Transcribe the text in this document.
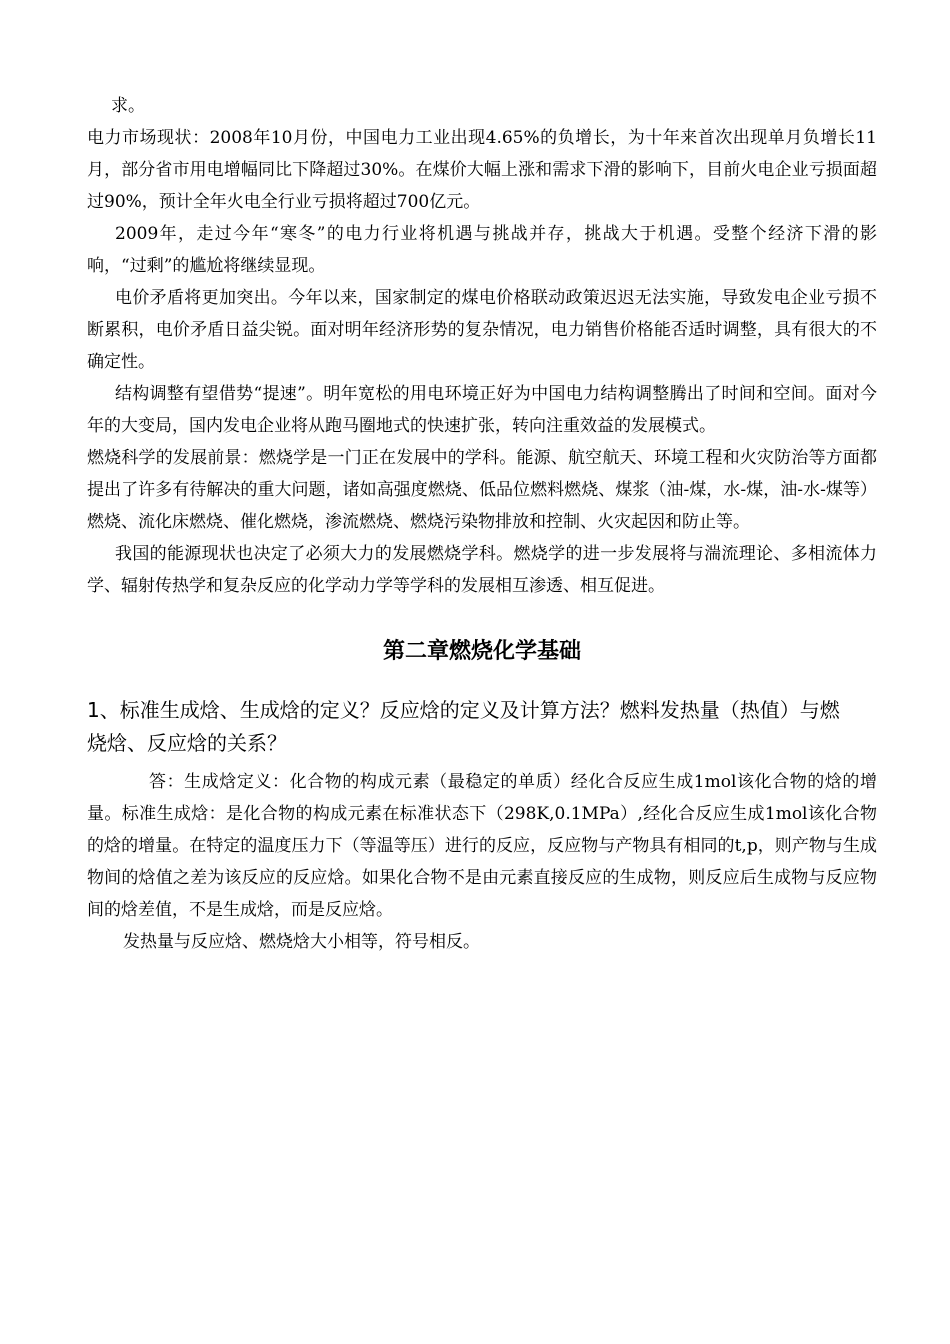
求。

电力市场现状：2008年10月份，中国电力工业出现4.65%的负增长，为十年来首次出现单月负增长11月，部分省市用电增幅同比下降超过30%。在煤价大幅上涨和需求下滑的影响下，目前火电企业亏损面超过90%，预计全年火电全行业亏损将超过700亿元。

2009年，走过今年“寒冬”的电力行业将机遇与挑战并存，挑战大于机遇。受整个经济下滑的影响，“过剩”的尴尬将继续显现。

电价矛盾将更加突出。今年以来，国家制定的煤电价格联动政策迟迟无法实施，导致发电企业亏损不断累积，电价矛盾日益尖锐。面对明年经济形势的复杂情况，电力销售价格能否适时调整，具有很大的不确定性。

结构调整有望借势“提速”。明年宽松的用电环境正好为中国电力结构调整腾出了时间和空间。面对今年的大变局，国内发电企业将从跑马圈地式的快速扩张，转向注重效益的发展模式。

燃烧科学的发展前景：燃烧学是一门正在发展中的学科。能源、航空航天、环境工程和火灾防治等方面都提出了许多有待解决的重大问题，诸如高强度燃烧、低品位燃料燃烧、煤浆（油-煤，水-煤，油-水-煤等）燃烧、流化床燃烧、催化燃烧，渗流燃烧、燃烧污染物排放和控制、火灾起因和防止等。

我国的能源现状也决定了必须大力的发展燃烧学科。燃烧学的进一步发展将与湍流理论、多相流体力学、辐射传热学和复杂反应的化学动力学等学科的发展相互渗透、相互促进。

第二章燃烧化学基础
1、标准生成焓、生成焓的定义？反应焓的定义及计算方法？燃料发热量（热值）与燃烧焓、反应焓的关系？

答：生成焓定义：化合物的构成元素（最稳定的单质）经化合反应生成1mol该化合物的焓的增量。标准生成焓：是化合物的构成元素在标准状态下（298K,0.1MPa）,经化合反应生成1mol该化合物的焓的增量。在特定的温度压力下（等温等压）进行的反应，反应物与产物具有相同的t,p，则产物与生成物间的焓值之差为该反应的反应焓。如果化合物不是由元素直接反应的生成物，则反应后生成物与反应物间的焓差值，不是生成焓，而是反应焓。

发热量与反应焓、燃烧焓大小相等，符号相反。
